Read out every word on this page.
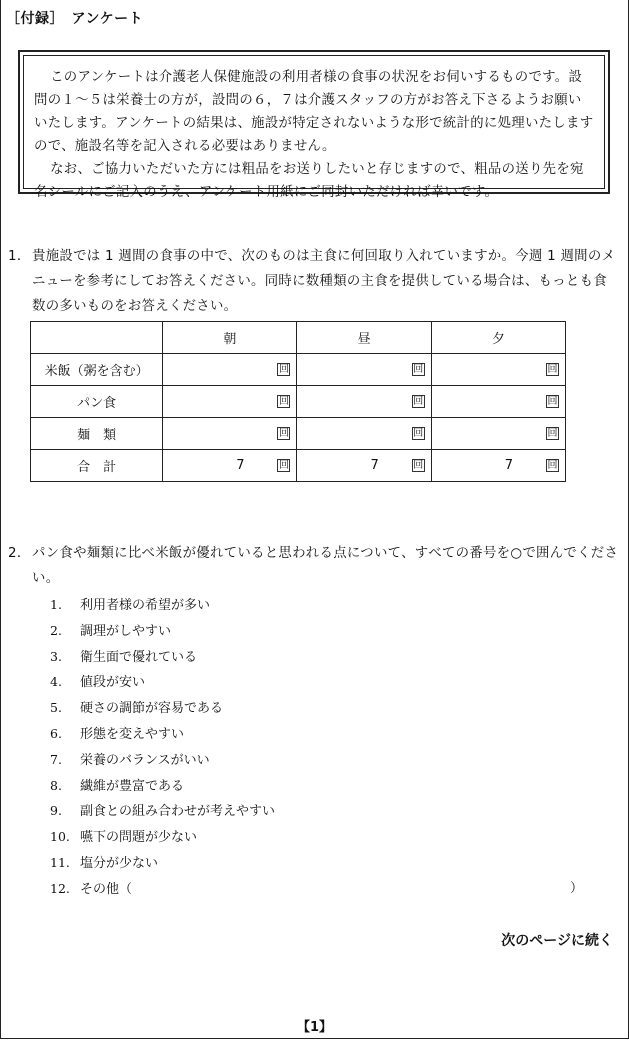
［付録］　アンケート

このアンケートは介護老人保健施設の利用者様の食事の状況をお伺いするものです。設問の１～５は栄養士の方が，設問の６，７は介護スタッフの方がお答え下さるようお願いいたします。アンケートの結果は、施設が特定されないような形で統計的に処理いたしますので、施設名等を記入される必要はありません。

なお、ご協力いただいた方には粗品をお送りしたいと存じますので、粗品の送り先を宛名シールにご記入のうえ、アンケート用紙にご同封いただければ幸いです。

1． 貴施設では 1 週間の食事の中で、次のものは主食に何回取り入れていますか。今週 1 週間のメニューを参考にしてお答えください。同時に数種類の主食を提供している場合は、もっとも食数の多いものをお答えください。
	朝	昼	夕
米飯（粥を含む）	回	回	回

パン食	回	回	回

麺　類	回	回	回

合　計	7 回	7 回	7 回
2． パン食や麺類に比べ米飯が優れていると思われる点について、すべての番号を○で囲んでください。
1. 利用者様の希望が多い
2. 調理がしやすい
3. 衛生面で優れている
4. 値段が安い
5. 硬さの調節が容易である
6. 形態を変えやすい
7. 栄養のバランスがいい
8. 繊維が豊富である
9. 副食との組み合わせが考えやすい
10. 嚥下の問題が少ない
11. 塩分が少ない
12. その他（	）
次のページに続く
【1】
